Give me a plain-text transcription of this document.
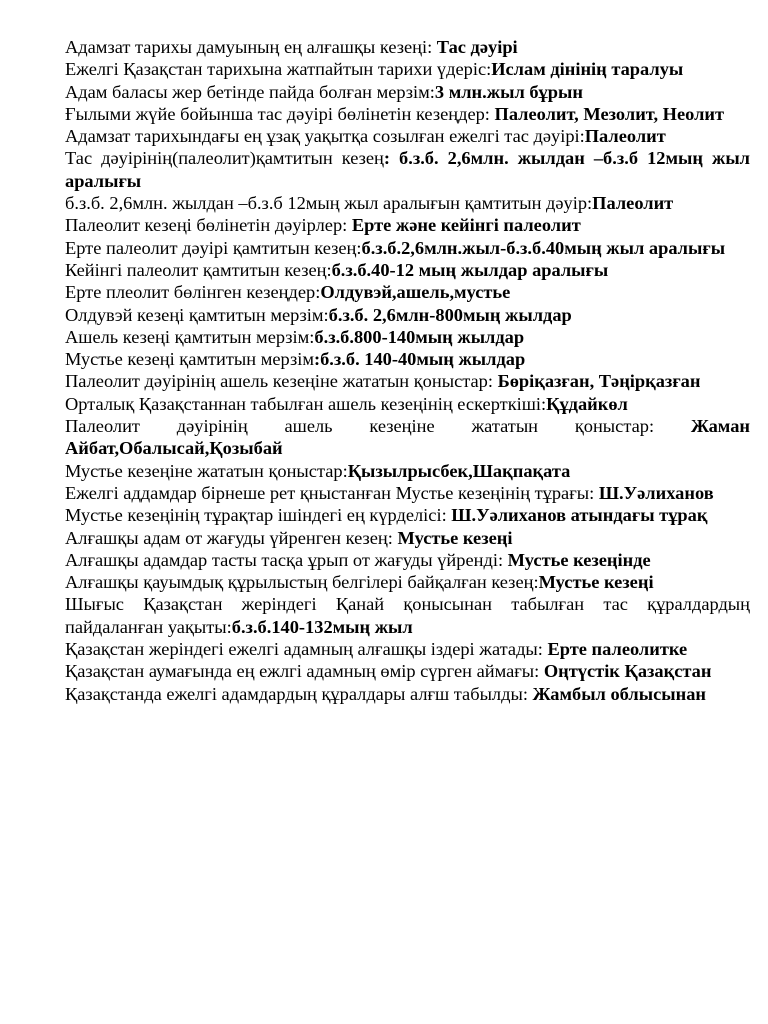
Адамзат тарихы дамуының ең алғашқы кезеңі: Тас дәуірі

Ежелгі Қазақстан тарихына жатпайтын тарихи үдеріс:Ислам дінінің таралуы

Адам баласы жер бетінде пайда болған мерзім:3 млн.жыл бұрын

Ғылыми жүйе бойынша тас дәуірі бөлінетін кезеңдер: Палеолит, Мезолит, Неолит

Адамзат тарихындағы ең ұзақ уақытқа созылған ежелгі тас дәуірі:Палеолит

Тас дәуірінің(палеолит)қамтитын кезең: б.з.б. 2,6млн. жылдан –б.з.б 12мың жыл аралығы

б.з.б. 2,6млн. жылдан –б.з.б 12мың жыл аралығын қамтитын дәуір:Палеолит

Палеолит кезеңі бөлінетін дәуірлер: Ерте және кейінгі палеолит

Ерте палеолит дәуірі қамтитын кезең:б.з.б.2,6млн.жыл-б.з.б.40мың жыл аралығы

Кейінгі палеолит қамтитын кезең:б.з.б.40-12 мың жылдар аралығы

Ерте плеолит бөлінген кезеңдер:Олдувэй,ашель,мустье

Олдувэй кезеңі қамтитын мерзім:б.з.б. 2,6млн-800мың жылдар

Ашель кезеңі қамтитын мерзім:б.з.б.800-140мың жылдар

Мустье кезеңі қамтитын мерзім:б.з.б. 140-40мың жылдар

Палеолит дәуірінің ашель кезеңіне жататын қоныстар: Бөріқазған, Тәңірқазған

Орталық Қазақстаннан табылған ашель кезеңінің ескерткіші:Құдайкөл

Палеолит дәуірінің ашель кезеңіне жататын қоныстар: Жаман Айбат,Обалысай,Қозыбай

Мустье кезеңіне жататын қоныстар:Қызылрысбек,Шақпақата

Ежелгі аддамдар бірнеше рет қныстанған Мустье кезеңінің тұрағы: Ш.Уәлиханов

Мустье кезеңінің тұрақтар ішіндегі ең күрделісі: Ш.Уәлиханов атындағы тұрақ

Алғашқы адам от жағуды үйренген кезең: Мустье кезеңі

Алғашқы адамдар тасты тасқа ұрып от жағуды үйренді: Мустье кезеңінде

Алғашқы қауымдық құрылыстың белгілері байқалған кезең:Мустье кезеңі

Шығыс Қазақстан жеріндегі Қанай қонысынан табылған тас құралдардың пайдаланған уақыты:б.з.б.140-132мың жыл

Қазақстан жеріндегі ежелгі адамның алғашқы іздері жатады: Ерте палеолитке

Қазақстан аумағында ең ежлгі адамның өмір сүрген аймағы: Оңтүстік Қазақстан

Қазақстанда ежелгі адамдардың құралдары алғш табылды: Жамбыл облысынан
